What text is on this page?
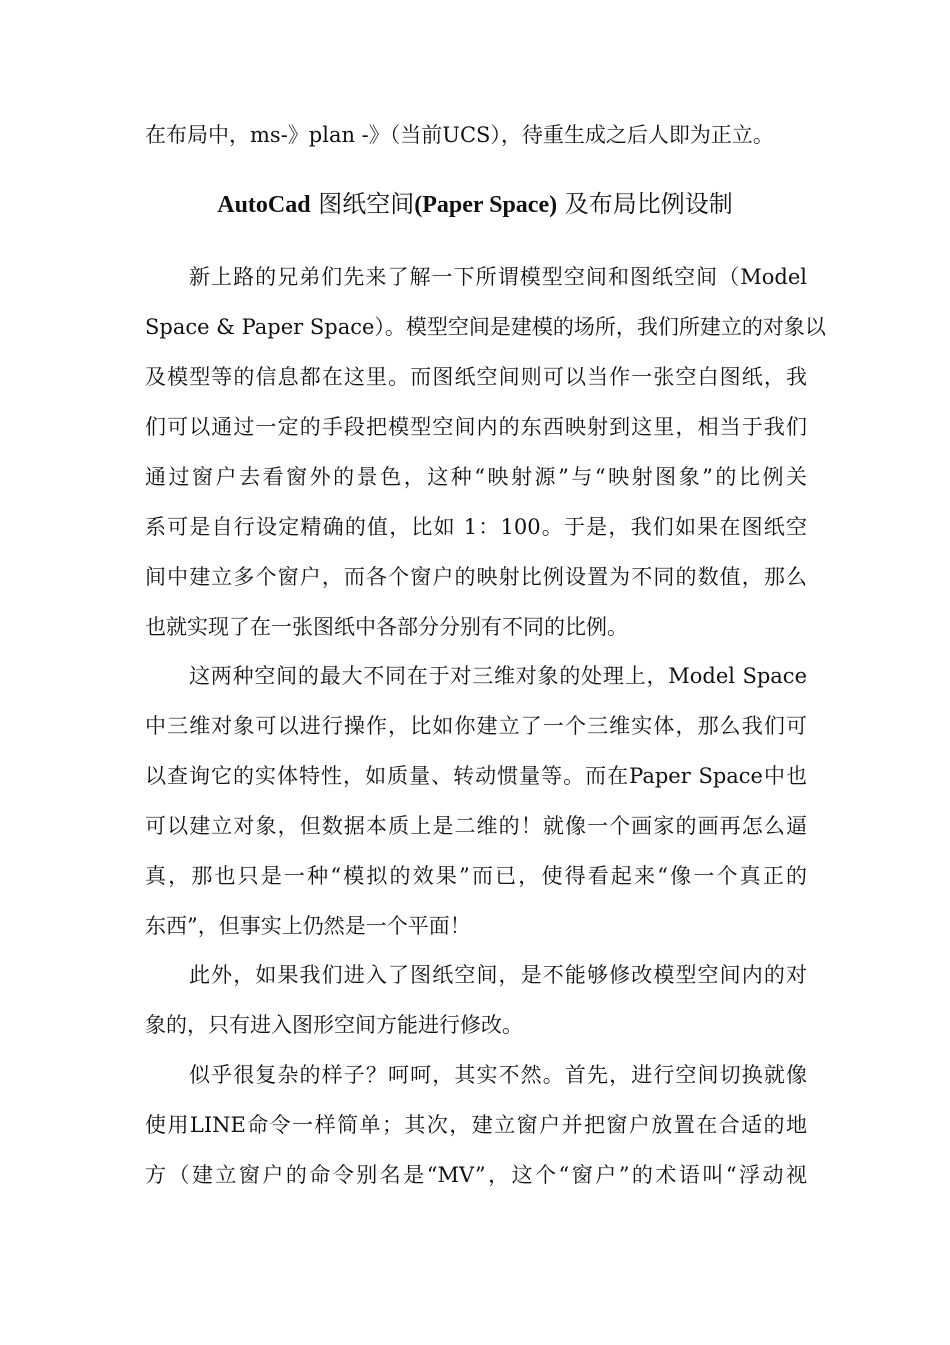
在布局中，ms-》plan -》（当前UCS），待重生成之后人即为正立。
AutoCad 图纸空间(Paper Space) 及布局比例设制
新上路的兄弟们先来了解一下所谓模型空间和图纸空间（Model
Space & Paper Space）。模型空间是建模的场所，我们所建立的对象以
及模型等的信息都在这里。而图纸空间则可以当作一张空白图纸，我
们可以通过一定的手段把模型空间内的东西映射到这里，相当于我们
通过窗户去看窗外的景色，这种“映射源”与“映射图象”的比例关
系可是自行设定精确的值，比如 1：100。于是，我们如果在图纸空
间中建立多个窗户，而各个窗户的映射比例设置为不同的数值，那么
也就实现了在一张图纸中各部分分别有不同的比例。
这两种空间的最大不同在于对三维对象的处理上，Model Space
中三维对象可以进行操作，比如你建立了一个三维实体，那么我们可
以查询它的实体特性，如质量、转动惯量等。而在Paper Space中也
可以建立对象，但数据本质上是二维的！就像一个画家的画再怎么逼
真，那也只是一种“模拟的效果”而已，使得看起来“像一个真正的
东西”，但事实上仍然是一个平面！
此外，如果我们进入了图纸空间，是不能够修改模型空间内的对
象的，只有进入图形空间方能进行修改。
似乎很复杂的样子？呵呵，其实不然。首先，进行空间切换就像
使用LINE命令一样简单；其次，建立窗户并把窗户放置在合适的地
方（建立窗户的命令别名是“MV”，这个“窗户”的术语叫“浮动视
